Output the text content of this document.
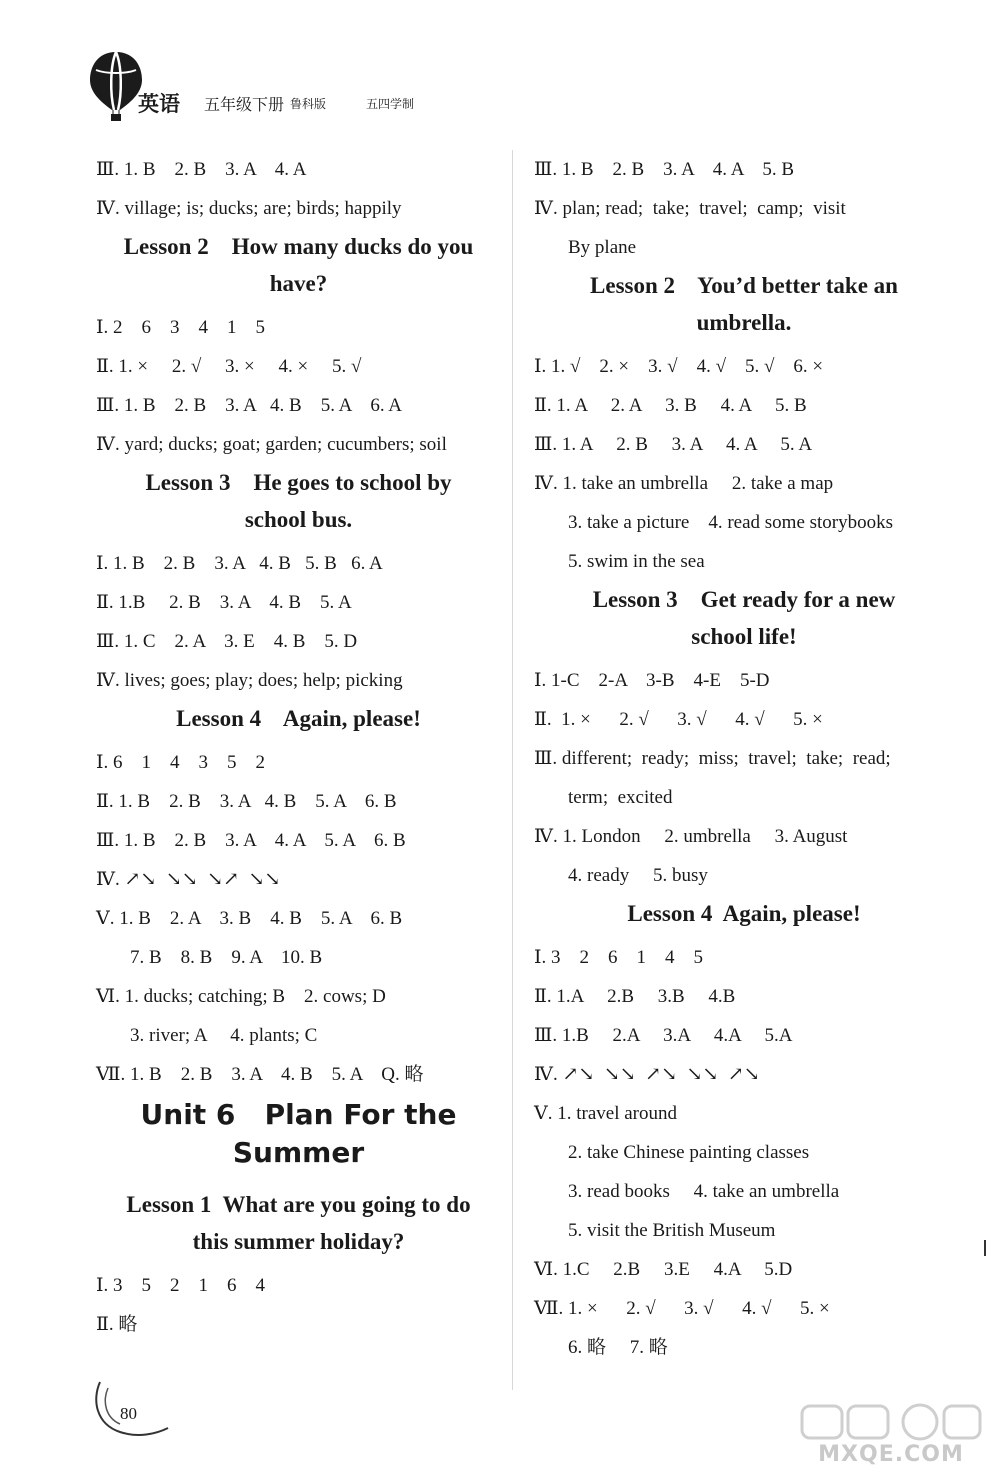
英语 五年级下册 鲁科版	五四学制
Ⅲ. 1. B    2. B    3. A    4. A
Ⅳ. village; is; ducks; are; birds; happily
Lesson 2    How many ducks do you
have?
Ⅰ. 2    6    3    4    1    5
Ⅱ. 1. ×     2. √     3. ×     4. ×     5. √
Ⅲ. 1. B    2. B    3. A   4. B    5. A    6. A
Ⅳ. yard; ducks; goat; garden; cucumbers; soil
Lesson 3    He goes to school by
school bus.
Ⅰ. 1. B    2. B    3. A   4. B   5. B   6. A
Ⅱ. 1.B     2. B    3. A    4. B    5. A
Ⅲ. 1. C    2. A    3. E    4. B    5. D
Ⅳ. lives; goes; play; does; help; picking
Lesson 4    Again, please!
Ⅰ. 6    1    4    3    5    2
Ⅱ. 1. B    2. B    3. A   4. B    5. A    6. B
Ⅲ. 1. B    2. B    3. A    4. A    5. A    6. B
Ⅳ. ↗↘  ↘↘  ↘↗  ↘↘
Ⅴ. 1. B    2. A    3. B    4. B    5. A    6. B
7. B    8. B    9. A    10. B
Ⅵ. 1. ducks; catching; B    2. cows; D
3. river; A     4. plants; C
Ⅶ. 1. B    2. B    3. A    4. B    5. A    Q. 略
Unit 6   Plan For the
Summer
Lesson 1  What are you going to do
this summer holiday?
Ⅰ. 3    5    2    1    6    4
Ⅱ. 略
Ⅲ. 1. B    2. B    3. A    4. A    5. B
Ⅳ. plan; read;  take;  travel;  camp;  visit
By plane
Lesson 2    You’d better take an
umbrella.
Ⅰ. 1. √    2. ×    3. √    4. √    5. √    6. ×
Ⅱ. 1. A     2. A     3. B     4. A     5. B
Ⅲ. 1. A     2. B     3. A     4. A     5. A
Ⅳ. 1. take an umbrella     2. take a map
3. take a picture    4. read some storybooks
5. swim in the sea
Lesson 3    Get ready for a new
school life!
Ⅰ. 1-C    2-A    3-B    4-E    5-D
Ⅱ.  1. ×      2. √      3. √      4. √      5. ×
Ⅲ. different;  ready;  miss;  travel;  take;  read;
term;  excited
Ⅳ. 1. London     2. umbrella     3. August
4. ready     5. busy
Lesson 4  Again, please!
Ⅰ. 3    2    6    1    4    5
Ⅱ. 1.A     2.B     3.B     4.B
Ⅲ. 1.B     2.A     3.A     4.A     5.A
Ⅳ. ↗↘  ↘↘  ↗↘  ↘↘  ↗↘
Ⅴ. 1. travel around
2. take Chinese painting classes
3. read books     4. take an umbrella
5. visit the British Museum
Ⅵ. 1.C     2.B     3.E     4.A     5.D
Ⅶ. 1. ×      2. √      3. √      4. √      5. ×
6. 略     7. 略
80
MXQE.COM
